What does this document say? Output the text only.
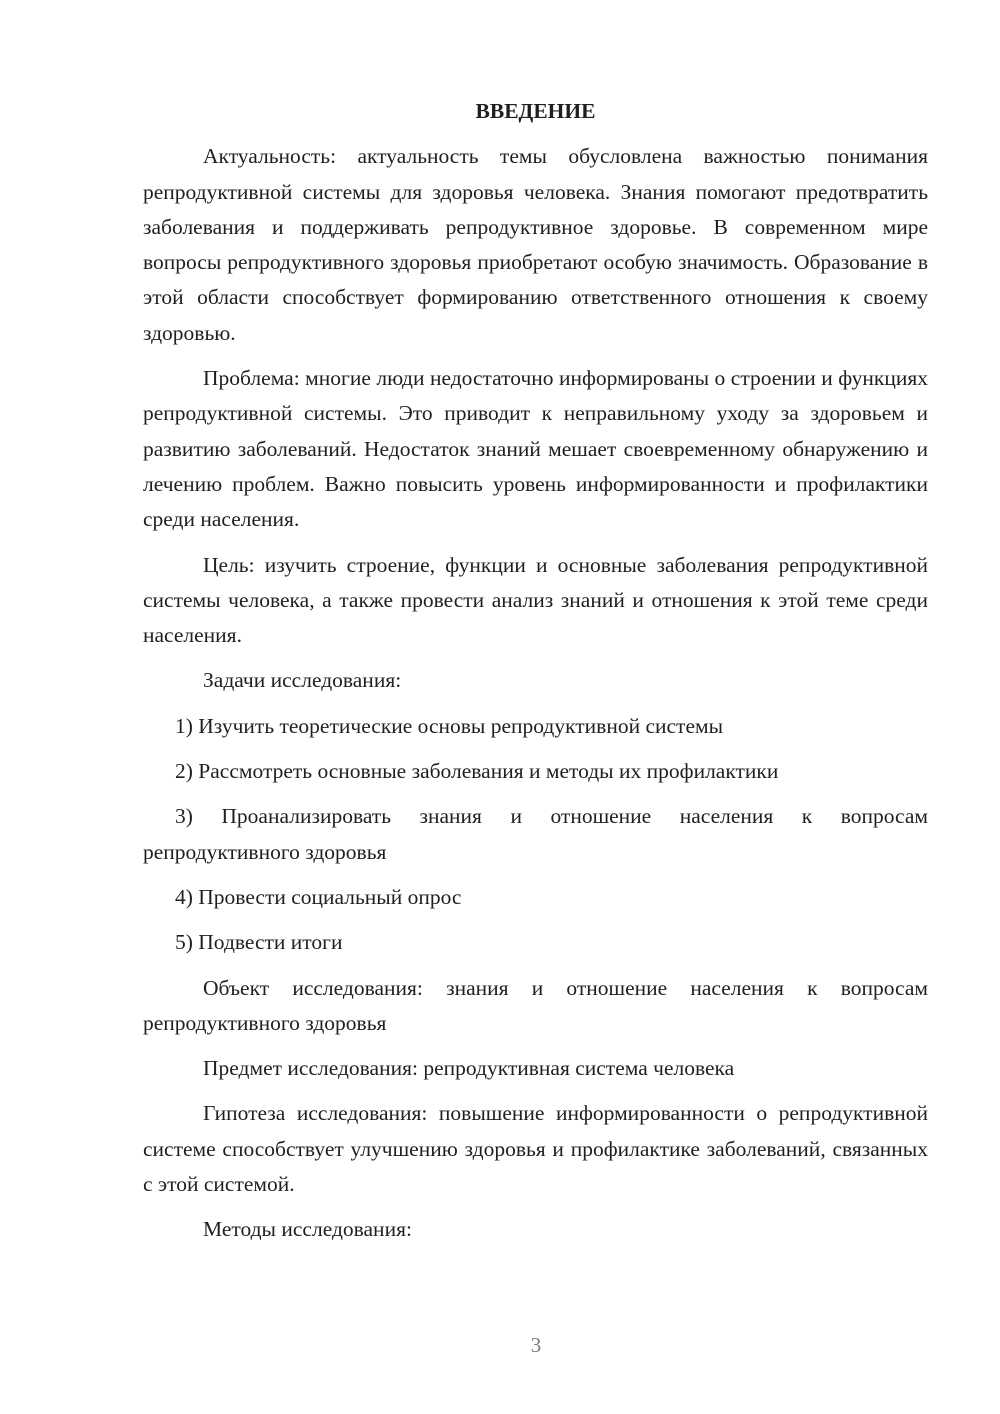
ВВЕДЕНИЕ

Актуальность: актуальность темы обусловлена важностью понимания репродуктивной системы для здоровья человека. Знания помогают предотвратить заболевания и поддерживать репродуктивное здоровье. В современном мире вопросы репродуктивного здоровья приобретают особую значимость. Образование в этой области способствует формированию ответственного отношения к своему здоровью.

Проблема: многие люди недостаточно информированы о строении и функциях репродуктивной системы. Это приводит к неправильному уходу за здоровьем и развитию заболеваний. Недостаток знаний мешает своевременному обнаружению и лечению проблем. Важно повысить уровень информированности и профилактики среди населения.

Цель: изучить строение, функции и основные заболевания репродуктивной системы человека, а также провести анализ знаний и отношения к этой теме среди населения.

Задачи исследования:

1) Изучить теоретические основы репродуктивной системы

2) Рассмотреть основные заболевания и методы их профилактики

3) Проанализировать знания и отношение населения к вопросам репродуктивного здоровья

4) Провести социальный опрос

5) Подвести итоги

Объект исследования: знания и отношение населения к вопросам репродуктивного здоровья

Предмет исследования: репродуктивная система человека

Гипотеза исследования: повышение информированности о репродуктивной системе способствует улучшению здоровья и профилактике заболеваний, связанных с этой системой.

Методы исследования:

3
